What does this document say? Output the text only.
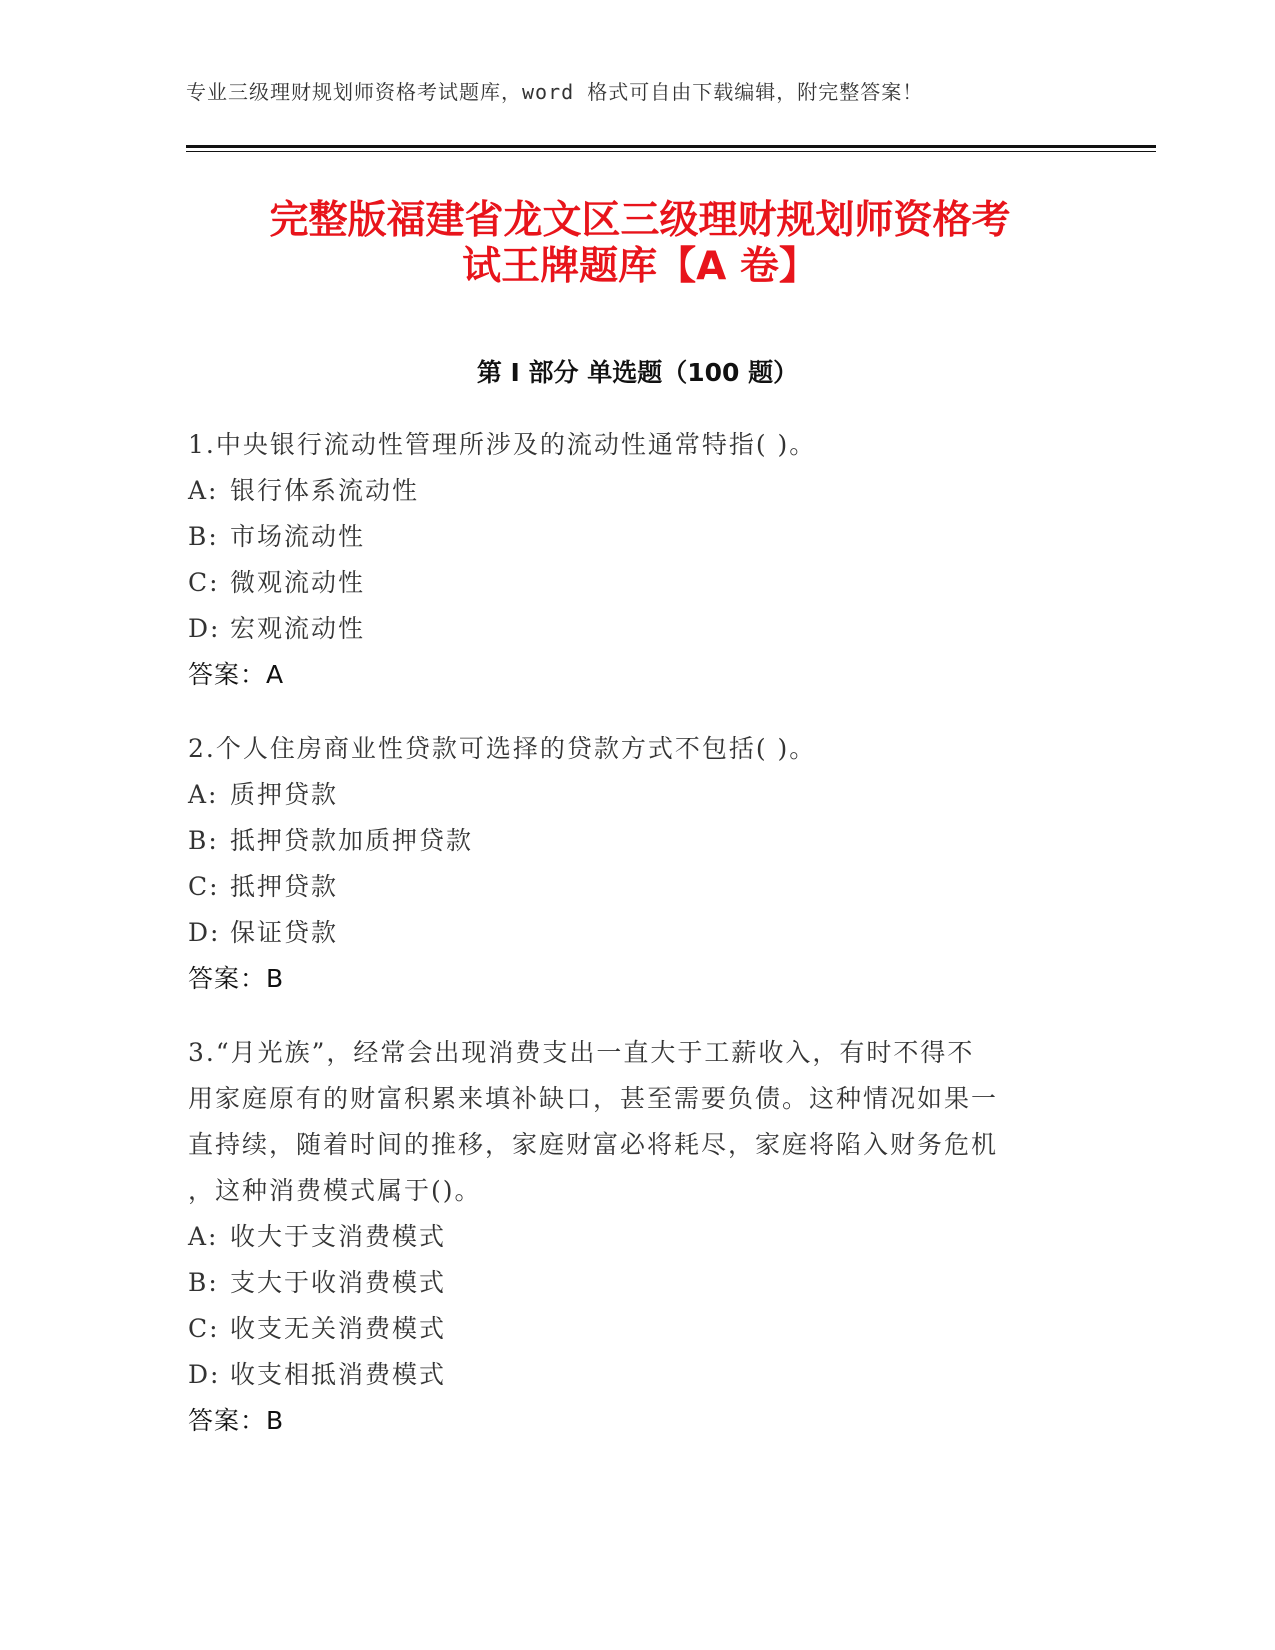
专业三级理财规划师资格考试题库，word 格式可自由下载编辑，附完整答案！
完整版福建省龙文区三级理财规划师资格考
试王牌题库【A 卷】
第 I 部分 单选题（100 题）
1.中央银行流动性管理所涉及的流动性通常特指( )。
A: 银行体系流动性
B: 市场流动性
C: 微观流动性
D: 宏观流动性
答案：A
2.个人住房商业性贷款可选择的贷款方式不包括( )。
A: 质押贷款
B: 抵押贷款加质押贷款
C: 抵押贷款
D: 保证贷款
答案：B
3.“月光族”，经常会出现消费支出一直大于工薪收入，有时不得不
用家庭原有的财富积累来填补缺口，甚至需要负债。这种情况如果一
直持续，随着时间的推移，家庭财富必将耗尽，家庭将陷入财务危机
，这种消费模式属于()。
A: 收大于支消费模式
B: 支大于收消费模式
C: 收支无关消费模式
D: 收支相抵消费模式
答案：B
